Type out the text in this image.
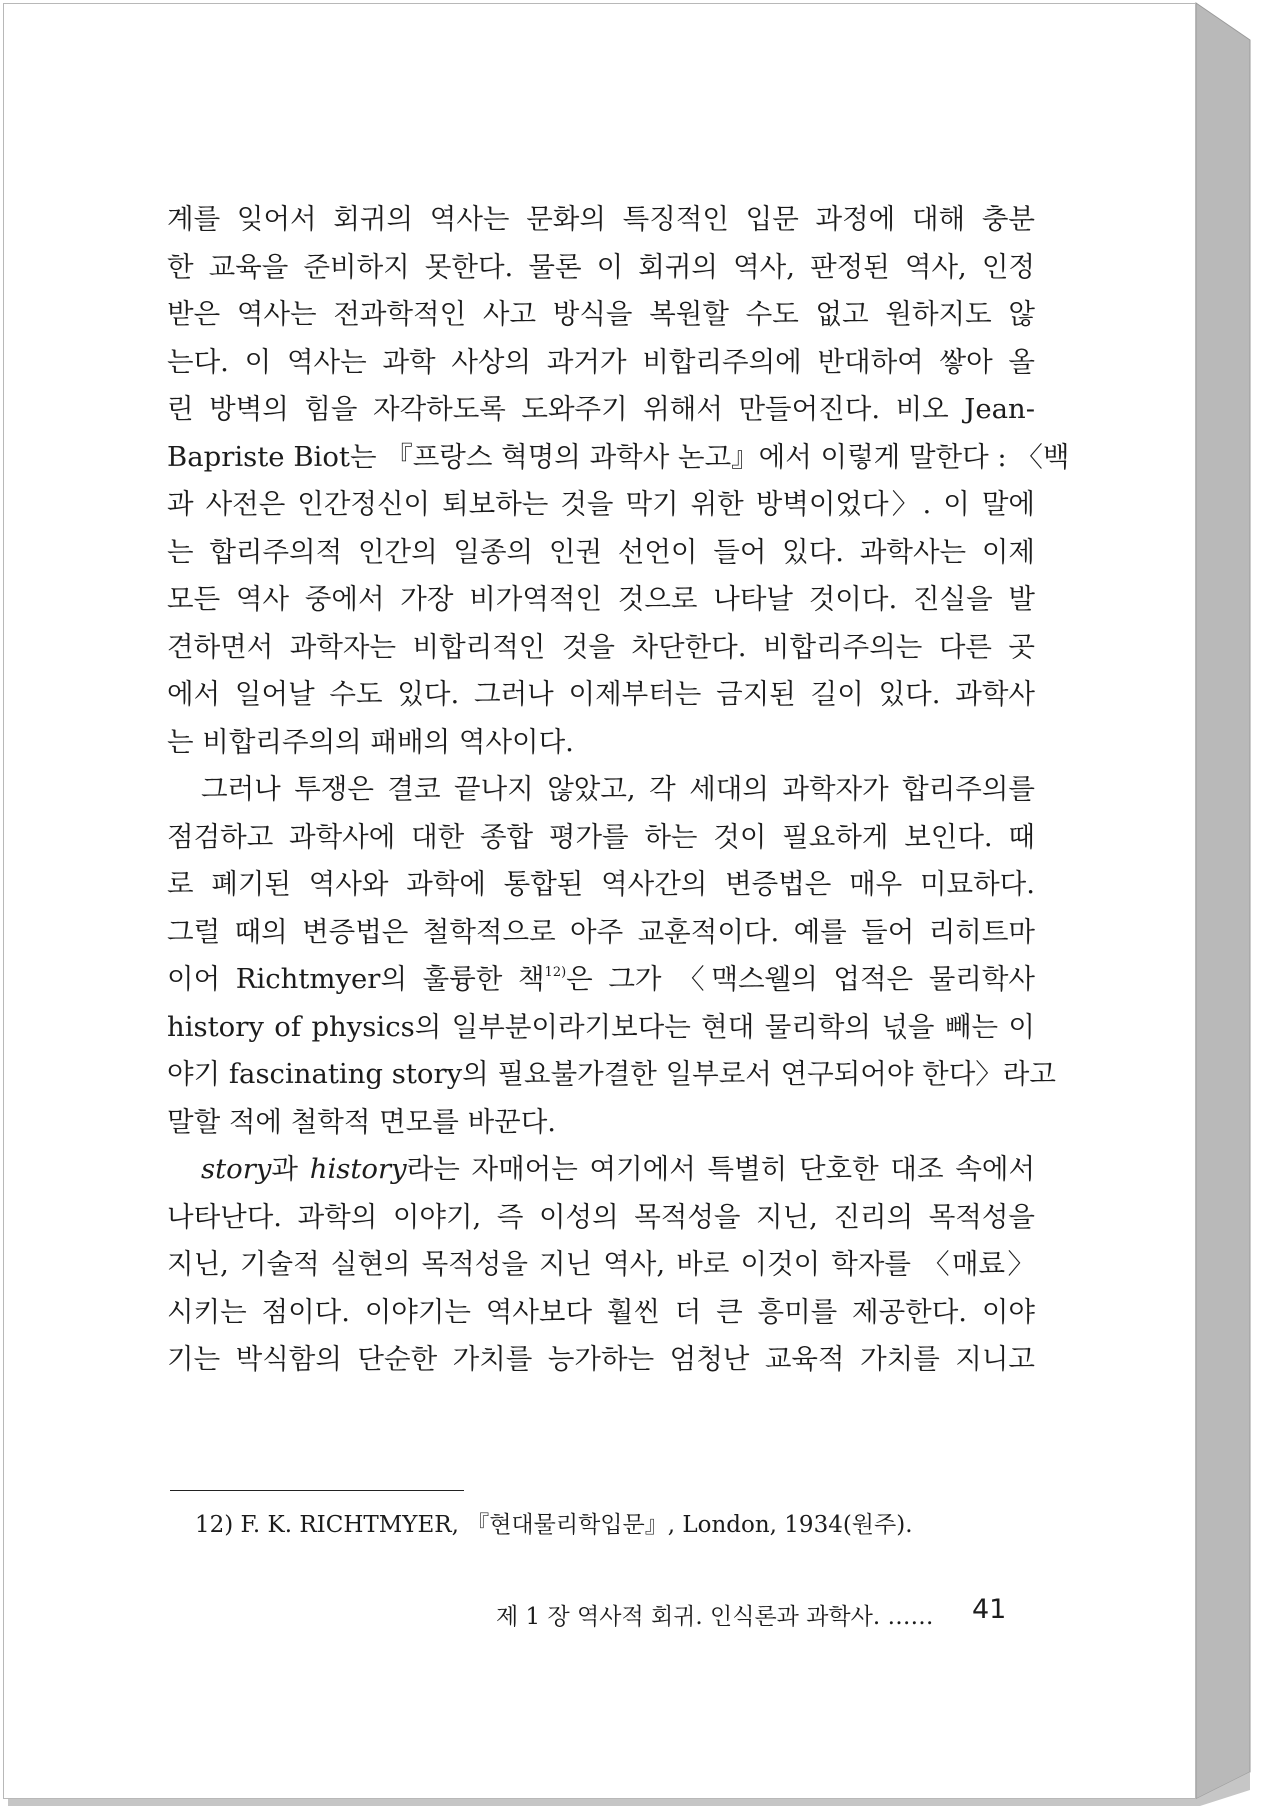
계를 잊어서 회귀의 역사는 문화의 특징적인 입문 과정에 대해 충분
한 교육을 준비하지 못한다. 물론 이 회귀의 역사, 판정된 역사, 인정
받은 역사는 전과학적인 사고 방식을 복원할 수도 없고 원하지도 않
는다. 이 역사는 과학 사상의 과거가 비합리주의에 반대하여 쌓아 올
린 방벽의 힘을 자각하도록 도와주기 위해서 만들어진다. 비오 Jean-
Bapriste Biot는 『프랑스 혁명의 과학사 논고』에서 이렇게 말한다 : 〈백
과 사전은 인간정신이 퇴보하는 것을 막기 위한 방벽이었다〉. 이 말에
는 합리주의적 인간의 일종의 인권 선언이 들어 있다. 과학사는 이제
모든 역사 중에서 가장 비가역적인 것으로 나타날 것이다. 진실을 발
견하면서 과학자는 비합리적인 것을 차단한다. 비합리주의는 다른 곳
에서 일어날 수도 있다. 그러나 이제부터는 금지된 길이 있다. 과학사
는 비합리주의의 패배의 역사이다.
그러나 투쟁은 결코 끝나지 않았고, 각 세대의 과학자가 합리주의를
점검하고 과학사에 대한 종합 평가를 하는 것이 필요하게 보인다. 때
로 폐기된 역사와 과학에 통합된 역사간의 변증법은 매우 미묘하다.
그럴 때의 변증법은 철학적으로 아주 교훈적이다. 예를 들어 리히트마
이어 Richtmyer의 훌륭한 책$^{12)}$은 그가 〈맥스웰의 업적은 물리학사
history of physics의 일부분이라기보다는 현대 물리학의 넋을 빼는 이
야기 fascinating story의 필요불가결한 일부로서 연구되어야 한다〉라고
말할 적에 철학적 면모를 바꾼다.
story과 history라는 자매어는 여기에서 특별히 단호한 대조 속에서
나타난다. 과학의 이야기, 즉 이성의 목적성을 지닌, 진리의 목적성을
지닌, 기술적 실현의 목적성을 지닌 역사, 바로 이것이 학자를 〈매료〉
시키는 점이다. 이야기는 역사보다 훨씬 더 큰 흥미를 제공한다. 이야
기는 박식함의 단순한 가치를 능가하는 엄청난 교육적 가치를 지니고
12) F. K. RICHTMYER, 『현대물리학입문』, London, 1934(원주).
제 1 장 역사적 회귀. 인식론과 과학사. …… 41
